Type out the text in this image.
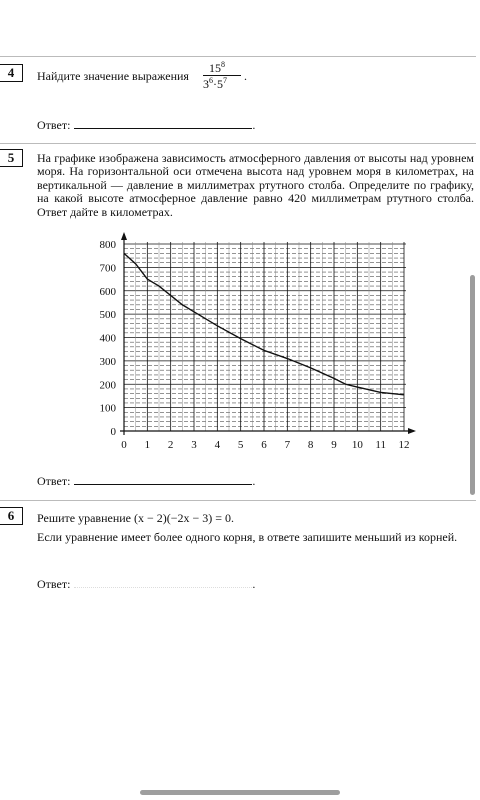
4	Найдите значение выражения
$15^8$
$3^6\cdot 5^7$ .
Ответ:	.
5	На графике изображена зависимость атмосферного давления от высоты над уровнем моря. На горизонтальной оси отмечена высота над уровнем моря в километрах, на вертикальной — давление в миллиметрах ртутного столба. Определите по графику, на какой высоте атмосферное давление равно 420 миллиметрам ртутного столба. Ответ дайте в километрах.
0
100
200
300
400
500
600
700
800
0 1 2 3 4 5 6 7 8 9 10 11 12
Ответ:	.
6	Решите уравнение (x − 2)(−2x − 3) = 0.
Если уравнение имеет более одного корня, в ответе запишите меньший из корней.
Ответ:	.
